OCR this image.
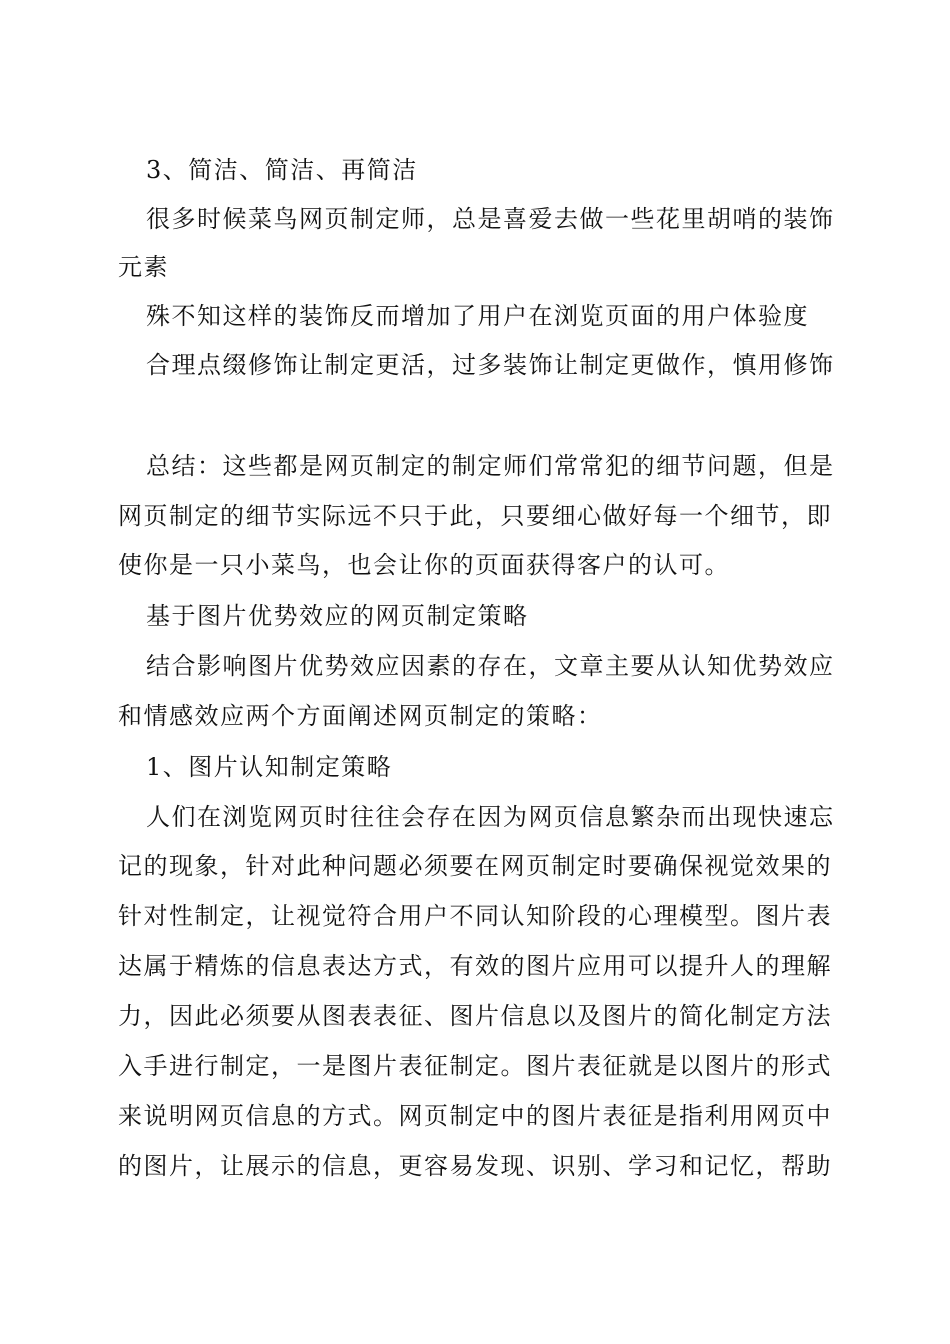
3、简洁、简洁、再简洁
很多时候菜鸟网页制定师，总是喜爱去做一些花里胡哨的装饰
元素
殊不知这样的装饰反而增加了用户在浏览页面的用户体验度
合理点缀修饰让制定更活，过多装饰让制定更做作，慎用修饰
总结：这些都是网页制定的制定师们常常犯的细节问题，但是
网页制定的细节实际远不只于此，只要细心做好每一个细节，即
使你是一只小菜鸟，也会让你的页面获得客户的认可。
基于图片优势效应的网页制定策略
结合影响图片优势效应因素的存在，文章主要从认知优势效应
和情感效应两个方面阐述网页制定的策略：
1、图片认知制定策略
人们在浏览网页时往往会存在因为网页信息繁杂而出现快速忘
记的现象，针对此种问题必须要在网页制定时要确保视觉效果的
针对性制定，让视觉符合用户不同认知阶段的心理模型。图片表
达属于精炼的信息表达方式，有效的图片应用可以提升人的理解
力，因此必须要从图表表征、图片信息以及图片的简化制定方法
入手进行制定，一是图片表征制定。图片表征就是以图片的形式
来说明网页信息的方式。网页制定中的图片表征是指利用网页中
的图片，让展示的信息，更容易发现、识别、学习和记忆，帮助
